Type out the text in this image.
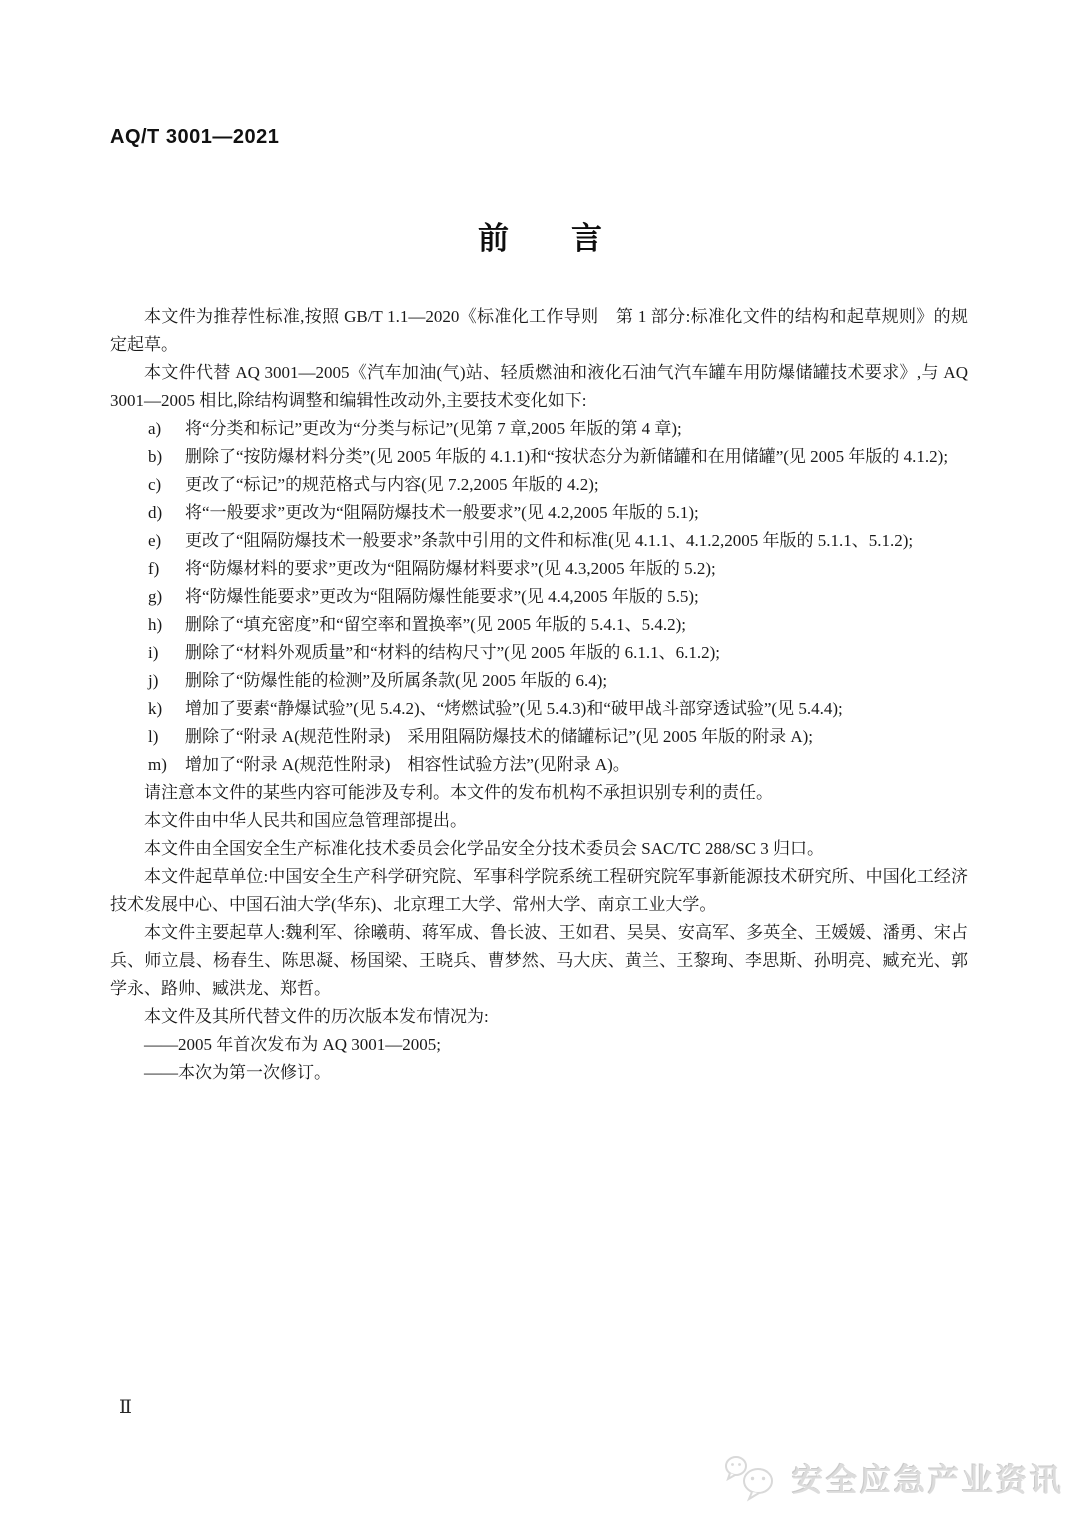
AQ/T 3001—2021
前　　言

本文件为推荐性标准,按照 GB/T 1.1—2020《标准化工作导则　第 1 部分:标准化文件的结构和起草规则》的规定起草。

本文件代替 AQ 3001—2005《汽车加油(气)站、轻质燃油和液化石油气汽车罐车用防爆储罐技术要求》,与 AQ 3001—2005 相比,除结构调整和编辑性改动外,主要技术变化如下:

a) 将“分类和标记”更改为“分类与标记”(见第 7 章,2005 年版的第 4 章);
b) 删除了“按防爆材料分类”(见 2005 年版的 4.1.1)和“按状态分为新储罐和在用储罐”(见 2005 年版的 4.1.2);
c) 更改了“标记”的规范格式与内容(见 7.2,2005 年版的 4.2);
d) 将“一般要求”更改为“阻隔防爆技术一般要求”(见 4.2,2005 年版的 5.1);
e) 更改了“阻隔防爆技术一般要求”条款中引用的文件和标准(见 4.1.1、4.1.2,2005 年版的 5.1.1、5.1.2);
f) 将“防爆材料的要求”更改为“阻隔防爆材料要求”(见 4.3,2005 年版的 5.2);
g) 将“防爆性能要求”更改为“阻隔防爆性能要求”(见 4.4,2005 年版的 5.5);
h) 删除了“填充密度”和“留空率和置换率”(见 2005 年版的 5.4.1、5.4.2);
i) 删除了“材料外观质量”和“材料的结构尺寸”(见 2005 年版的 6.1.1、6.1.2);
j) 删除了“防爆性能的检测”及所属条款(见 2005 年版的 6.4);
k) 增加了要素“静爆试验”(见 5.4.2)、“烤燃试验”(见 5.4.3)和“破甲战斗部穿透试验”(见 5.4.4);
l) 删除了“附录 A(规范性附录)　采用阻隔防爆技术的储罐标记”(见 2005 年版的附录 A);
m) 增加了“附录 A(规范性附录)　相容性试验方法”(见附录 A)。

请注意本文件的某些内容可能涉及专利。本文件的发布机构不承担识别专利的责任。

本文件由中华人民共和国应急管理部提出。

本文件由全国安全生产标准化技术委员会化学品安全分技术委员会 SAC/TC 288/SC 3 归口。

本文件起草单位:中国安全生产科学研究院、军事科学院系统工程研究院军事新能源技术研究所、中国化工经济技术发展中心、中国石油大学(华东)、北京理工大学、常州大学、南京工业大学。

本文件主要起草人:魏利军、徐曦萌、蒋军成、鲁长波、王如君、吴昊、安高军、多英全、王媛媛、潘勇、宋占兵、师立晨、杨春生、陈思凝、杨国梁、王晓兵、曹梦然、马大庆、黄兰、王黎珣、李思斯、孙明亮、臧充光、郭学永、路帅、臧洪龙、郑哲。

本文件及其所代替文件的历次版本发布情况为:

——2005 年首次发布为 AQ 3001—2005;

——本次为第一次修订。

Ⅱ
安全应急产业资讯
